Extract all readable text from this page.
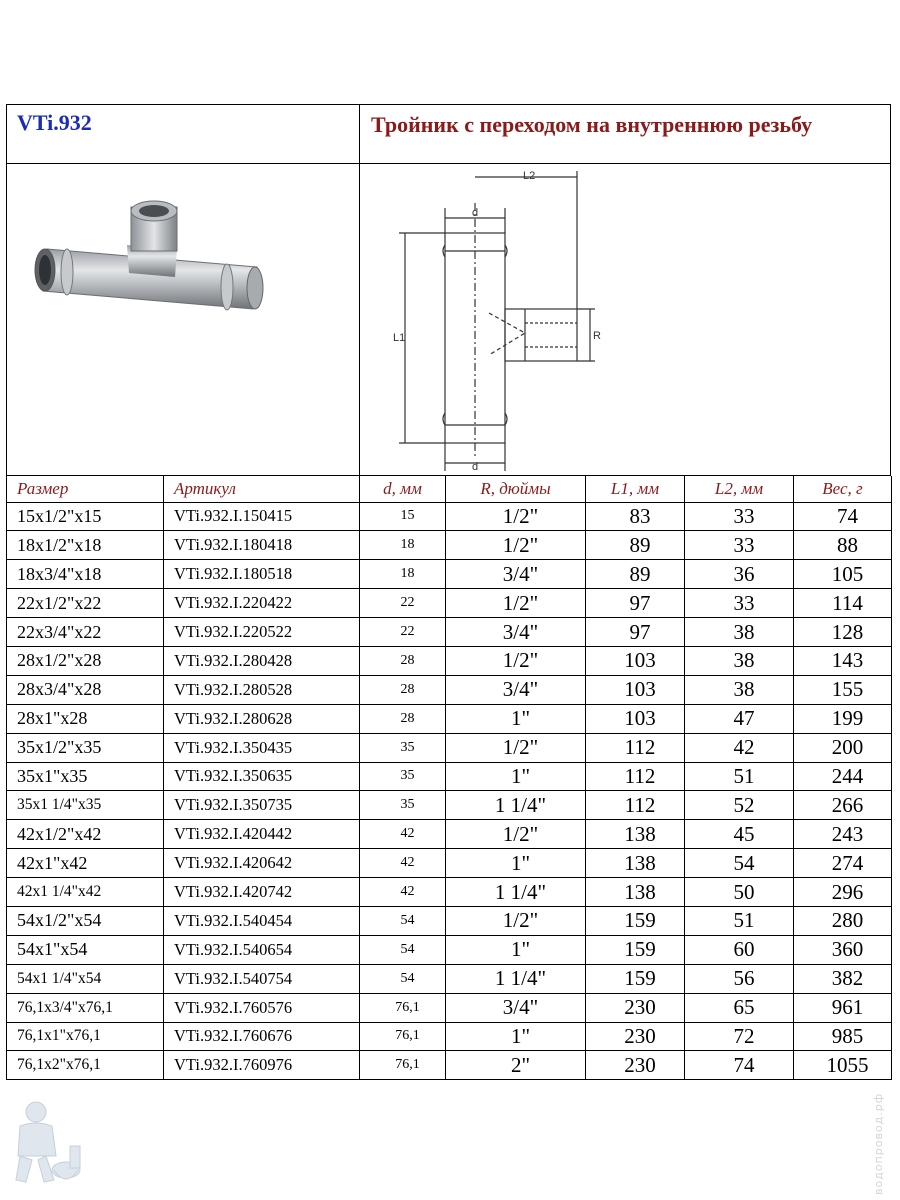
VTi.932	Тройник с переходом на внутреннюю резьбу
L2
d
L1	R
d
Размер	Артикул	d, мм	R, дюймы	L1, мм	L2, мм	Вес, г
15x1/2"x15	VTi.932.I.150415	15	1/2"	83	33	74
18x1/2"x18	VTi.932.I.180418	18	1/2"	89	33	88
18x3/4"x18	VTi.932.I.180518	18	3/4"	89	36	105
22x1/2"x22	VTi.932.I.220422	22	1/2"	97	33	114
22x3/4"x22	VTi.932.I.220522	22	3/4"	97	38	128
28x1/2"x28	VTi.932.I.280428	28	1/2"	103	38	143
28x3/4"x28	VTi.932.I.280528	28	3/4"	103	38	155
28x1"x28	VTi.932.I.280628	28	1"	103	47	199
35x1/2"x35	VTi.932.I.350435	35	1/2"	112	42	200
35x1"x35	VTi.932.I.350635	35	1"	112	51	244
35x1 1/4"x35	VTi.932.I.350735	35	1 1/4"	112	52	266
42x1/2"x42	VTi.932.I.420442	42	1/2"	138	45	243
42x1"x42	VTi.932.I.420642	42	1"	138	54	274
42x1 1/4"x42	VTi.932.I.420742	42	1 1/4"	138	50	296
54x1/2"x54	VTi.932.I.540454	54	1/2"	159	51	280
54x1"x54	VTi.932.I.540654	54	1"	159	60	360
54x1 1/4"x54	VTi.932.I.540754	54	1 1/4"	159	56	382
76,1x3/4"x76,1	VTi.932.I.760576	76,1	3/4"	230	65	961
76,1x1"x76,1	VTi.932.I.760676	76,1	1"	230	72	985
76,1x2"x76,1	VTi.932.I.760976	76,1	2"	230	74	1055
водопровод.рф
